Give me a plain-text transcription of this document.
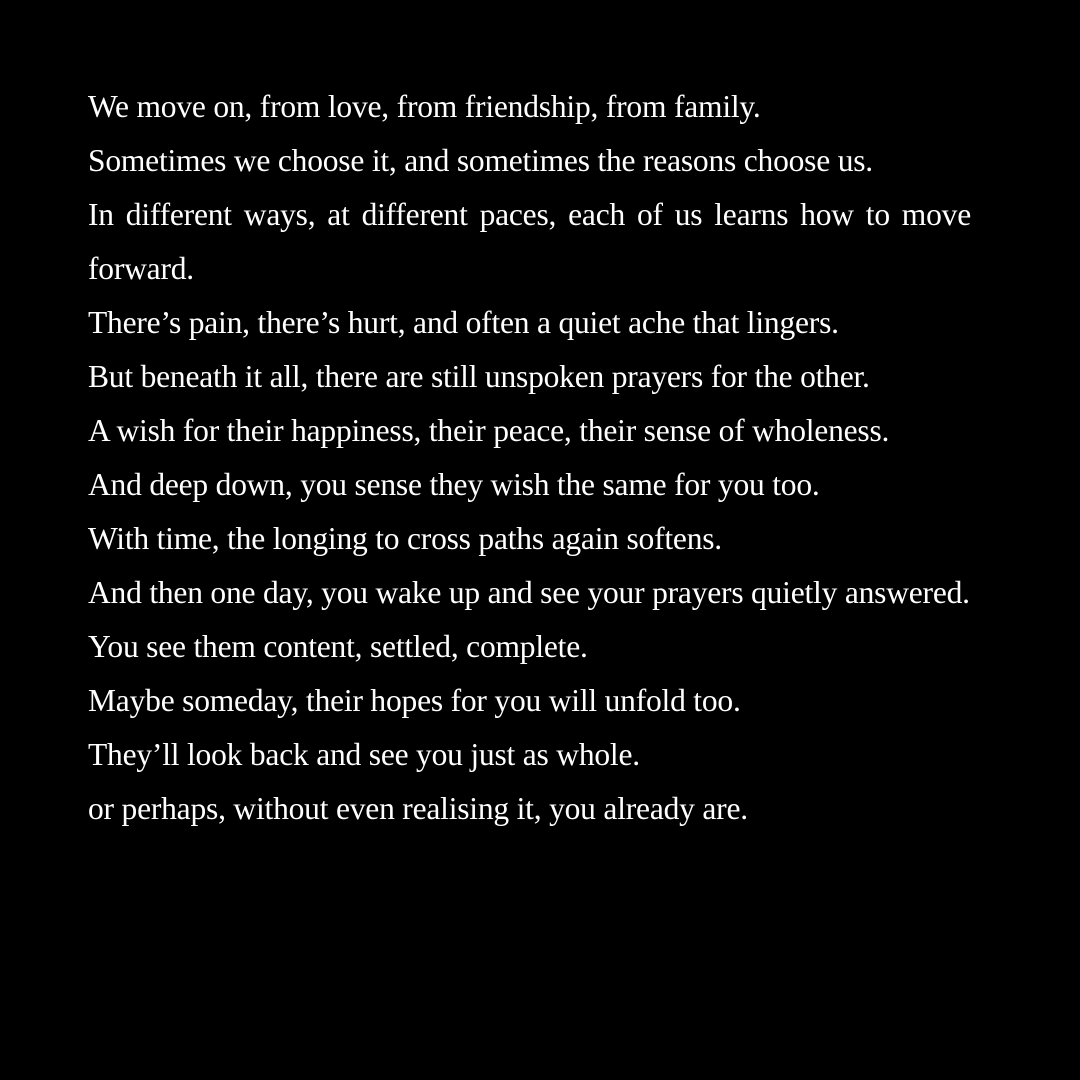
We move on, from love, from friendship, from family.

Sometimes we choose it, and sometimes the reasons choose us.

In different ways, at different paces, each of us learns how to move forward.

There’s pain, there’s hurt, and often a quiet ache that lingers.

But beneath it all, there are still unspoken prayers for the other.

A wish for their happiness, their peace, their sense of wholeness.

And deep down, you sense they wish the same for you too.

With time, the longing to cross paths again softens.

And then one day, you wake up and see your prayers quietly answered.

You see them content, settled, complete.

Maybe someday, their hopes for you will unfold too.

They’ll look back and see you just as whole.

or perhaps, without even realising it, you already are.
